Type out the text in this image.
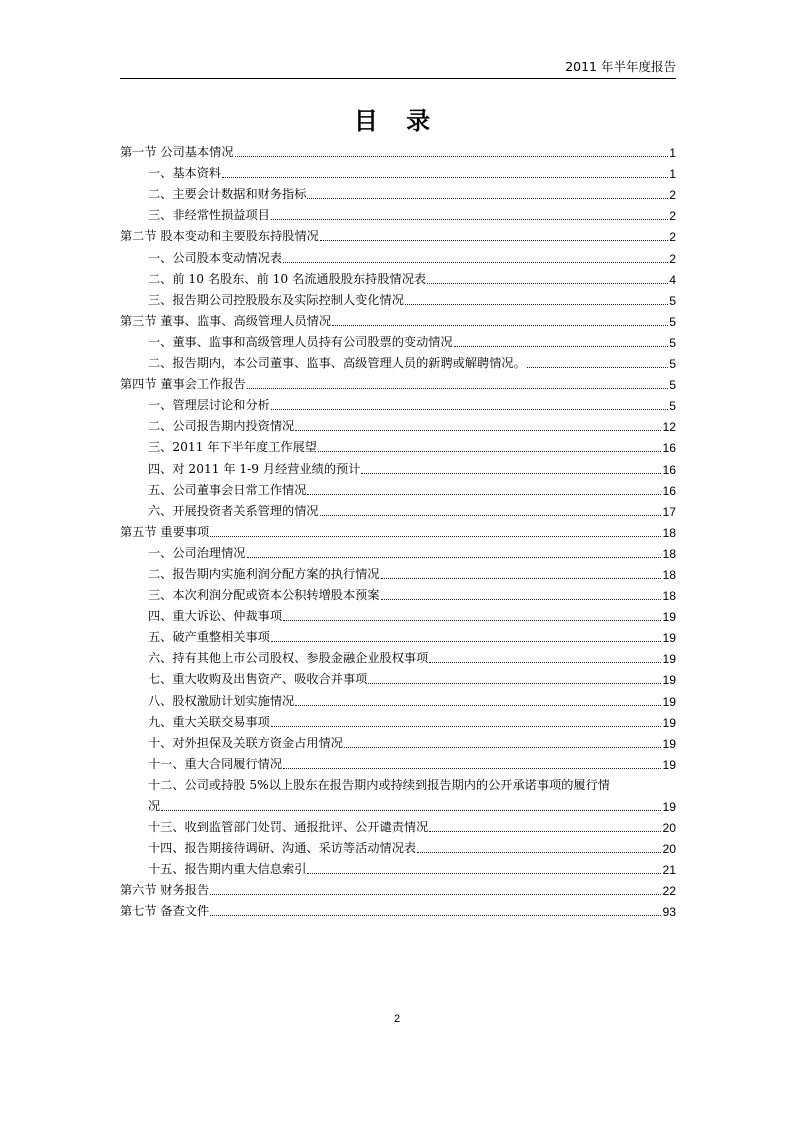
2011 年半年度报告
目 录
第一节 公司基本情况	1
一、基本资料	1
二、主要会计数据和财务指标	2
三、非经常性损益项目	2
第二节 股本变动和主要股东持股情况	2
一、公司股本变动情况表	2
二、前 10 名股东、前 10 名流通股股东持股情况表	4
三、报告期公司控股股东及实际控制人变化情况	5
第三节 董事、监事、高级管理人员情况	5
一、董事、监事和高级管理人员持有公司股票的变动情况	5
二、报告期内，本公司董事、监事、高级管理人员的新聘或解聘情况。	5
第四节 董事会工作报告	5
一、管理层讨论和分析	5
二、公司报告期内投资情况	12
三、2011 年下半年度工作展望	16
四、对 2011 年 1-9 月经营业绩的预计	16
五、公司董事会日常工作情况	16
六、开展投资者关系管理的情况	17
第五节 重要事项	18
一、公司治理情况	18
二、报告期内实施利润分配方案的执行情况	18
三、本次利润分配或资本公积转增股本预案	18
四、重大诉讼、仲裁事项	19
五、破产重整相关事项	19
六、持有其他上市公司股权、参股金融企业股权事项	19
七、重大收购及出售资产、吸收合并事项	19
八、股权激励计划实施情况	19
九、重大关联交易事项	19
十、对外担保及关联方资金占用情况	19
十一、重大合同履行情况	19
十二、公司或持股 5%以上股东在报告期内或持续到报告期内的公开承诺事项的履行情
况	19
十三、收到监管部门处罚、通报批评、公开谴责情况	20
十四、报告期接待调研、沟通、采访等活动情况表	20
十五、报告期内重大信息索引	21
第六节 财务报告	22
第七节 备查文件	93
2
